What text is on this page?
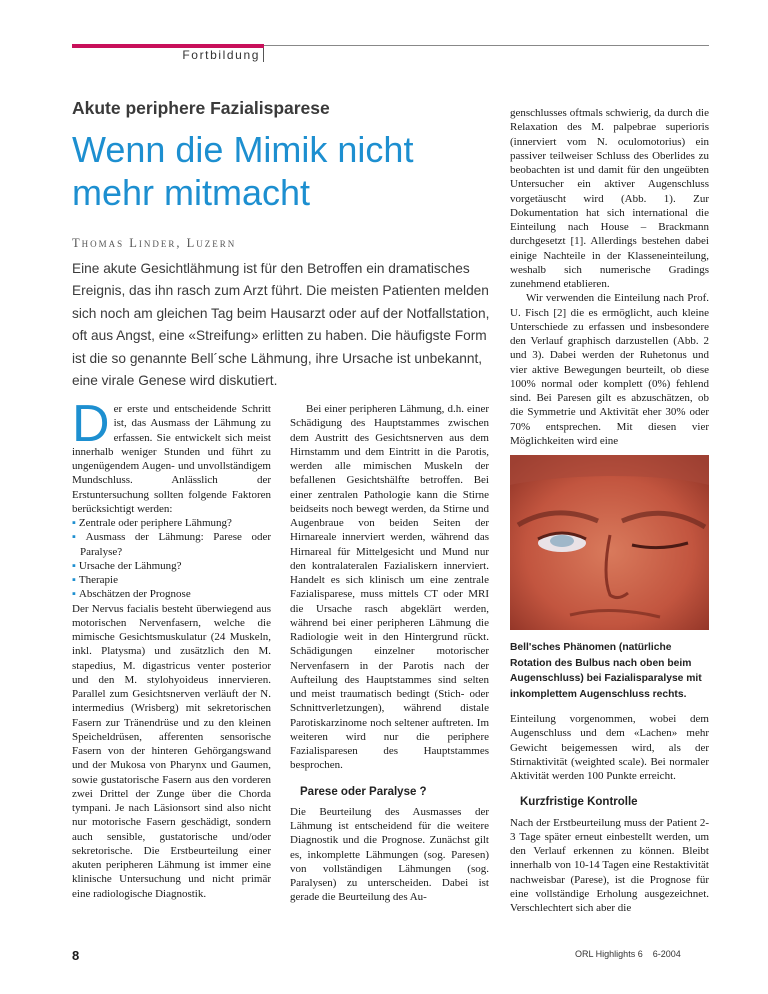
Fortbildung
Akute periphere Fazialisparese
Wenn die Mimik nicht mehr mitmacht
Thomas Linder, Luzern
Eine akute Gesichtlähmung ist für den Betroffen ein dramatisches Ereignis, das ihn rasch zum Arzt führt. Die meisten Patienten melden sich noch am gleichen Tag beim Hausarzt oder auf der Notfallstation, oft aus Angst, eine «Streifung» erlitten zu haben. Die häufigste Form ist die so genannte Bell´sche Lähmung, ihre Ursache ist unbekannt, eine virale Genese wird diskutiert.

Der erste und entscheidende Schritt ist, das Ausmass der Lähmung zu erfassen. Sie entwickelt sich meist innerhalb weniger Stunden und führt zu ungenügendem Augen- und unvollständigem Mundschluss. Anlässlich der Erstuntersuchung sollten folgende Faktoren berücksichtigt werden:

▪ Zentrale oder periphere Lähmung?
▪ Ausmass der Lähmung: Parese oder Paralyse?
▪ Ursache der Lähmung?
▪ Therapie
▪ Abschätzen der Prognose

Der Nervus facialis besteht überwiegend aus motorischen Nervenfasern, welche die mimische Gesichtsmuskulatur (24 Muskeln, inkl. Platysma) und zusätzlich den M. stapedius, M. digastricus venter posterior und den M. stylohyoideus innervieren. Parallel zum Gesichtsnerven verläuft der N. intermedius (Wrisberg) mit sekretorischen Fasern zur Tränendrüse und zu den kleinen Speicheldrüsen, afferenten sensorische Fasern von der hinteren Gehörgangswand und der Mukosa von Pharynx und Gaumen, sowie gustatorische Fasern aus den vorderen zwei Drittel der Zunge über die Chorda tympani. Je nach Läsionsort sind also nicht nur motorische Fasern geschädigt, sondern auch sensible, gustatorische und/oder sekretorische. Die Erstbeurteilung einer akuten peripheren Lähmung ist immer eine klinische Untersuchung und nicht primär eine radiologische Diagnostik.

Bei einer peripheren Lähmung, d.h. einer Schädigung des Hauptstammes zwischen dem Austritt des Gesichtsnerven aus dem Hirnstamm und dem Eintritt in die Parotis, werden alle mimischen Muskeln der befallenen Gesichtshälfte betroffen. Bei einer zentralen Pathologie kann die Stirne beidseits noch bewegt werden, da Stirne und Augenbraue von beiden Seiten der Hirnareale innerviert werden, während das Hirnareal für Mittelgesicht und Mund nur den kontralateralen Fazialiskern innerviert. Handelt es sich klinisch um eine zentrale Fazialisparese, muss mittels CT oder MRI die Ursache rasch abgeklärt werden, während bei einer peripheren Lähmung die Radiologie weit in den Hintergrund rückt. Schädigungen einzelner motorischer Nervenfasern in der Parotis nach der Aufteilung des Hauptstammes sind selten und meist traumatisch bedingt (Stich- oder Schnittverletzungen), während distale Parotiskarzinome noch seltener auftreten. Im weiteren wird nur die periphere Fazialisparesen des Hauptstammes besprochen.

Parese oder Paralyse ?

Die Beurteilung des Ausmasses der Lähmung ist entscheidend für die weitere Diagnostik und die Prognose. Zunächst gilt es, inkomplette Lähmungen (sog. Paresen) von vollständigen Lähmungen (sog. Paralysen) zu unterscheiden. Dabei ist gerade die Beurteilung des Au-

genschlusses oftmals schwierig, da durch die Relaxation des M. palpebrae superioris (innerviert vom N. oculomotorius) ein passiver teilweiser Schluss des Oberlides zu beobachten ist und damit für den ungeübten Untersucher ein aktiver Augenschluss vorgetäuscht wird (Abb. 1). Zur Dokumentation hat sich international die Einteilung nach House – Brackmann durchgesetzt [1]. Allerdings bestehen dabei einige Nachteile in der Klasseneinteilung, weshalb sich numerische Gradings zunehmend etablieren.

Wir verwenden die Einteilung nach Prof. U. Fisch [2] die es ermöglicht, auch kleine Unterschiede zu erfassen und insbesondere den Verlauf graphisch darzustellen (Abb. 2 und 3). Dabei werden der Ruhetonus und vier aktive Bewegungen beurteilt, ob diese 100% normal oder komplett (0%) fehlend sind. Bei Paresen gilt es abzuschätzen, ob die Symmetrie und Aktivität eher 30% oder 70% entsprechen. Mit diesen vier Möglichkeiten wird eine

Bell'sches Phänomen (natürliche Rotation des Bulbus nach oben beim Augenschluss) bei Fazialisparalyse mit inkomplettem Augenschluss rechts.

Einteilung vorgenommen, wobei dem Augenschluss und dem «Lachen» mehr Gewicht beigemessen wird, als der Stirnaktivität (weighted scale). Bei normaler Aktivität werden 100 Punkte erreicht.

Kurzfristige Kontrolle

Nach der Erstbeurteilung muss der Patient 2-3 Tage später erneut einbestellt werden, um den Verlauf erkennen zu können. Bleibt innerhalb von 10-14 Tagen eine Restaktivität nachweisbar (Parese), ist die Prognose für eine vollständige Erholung ausgezeichnet. Verschlechtert sich aber die

8	ORL Highlights 6    6-2004
